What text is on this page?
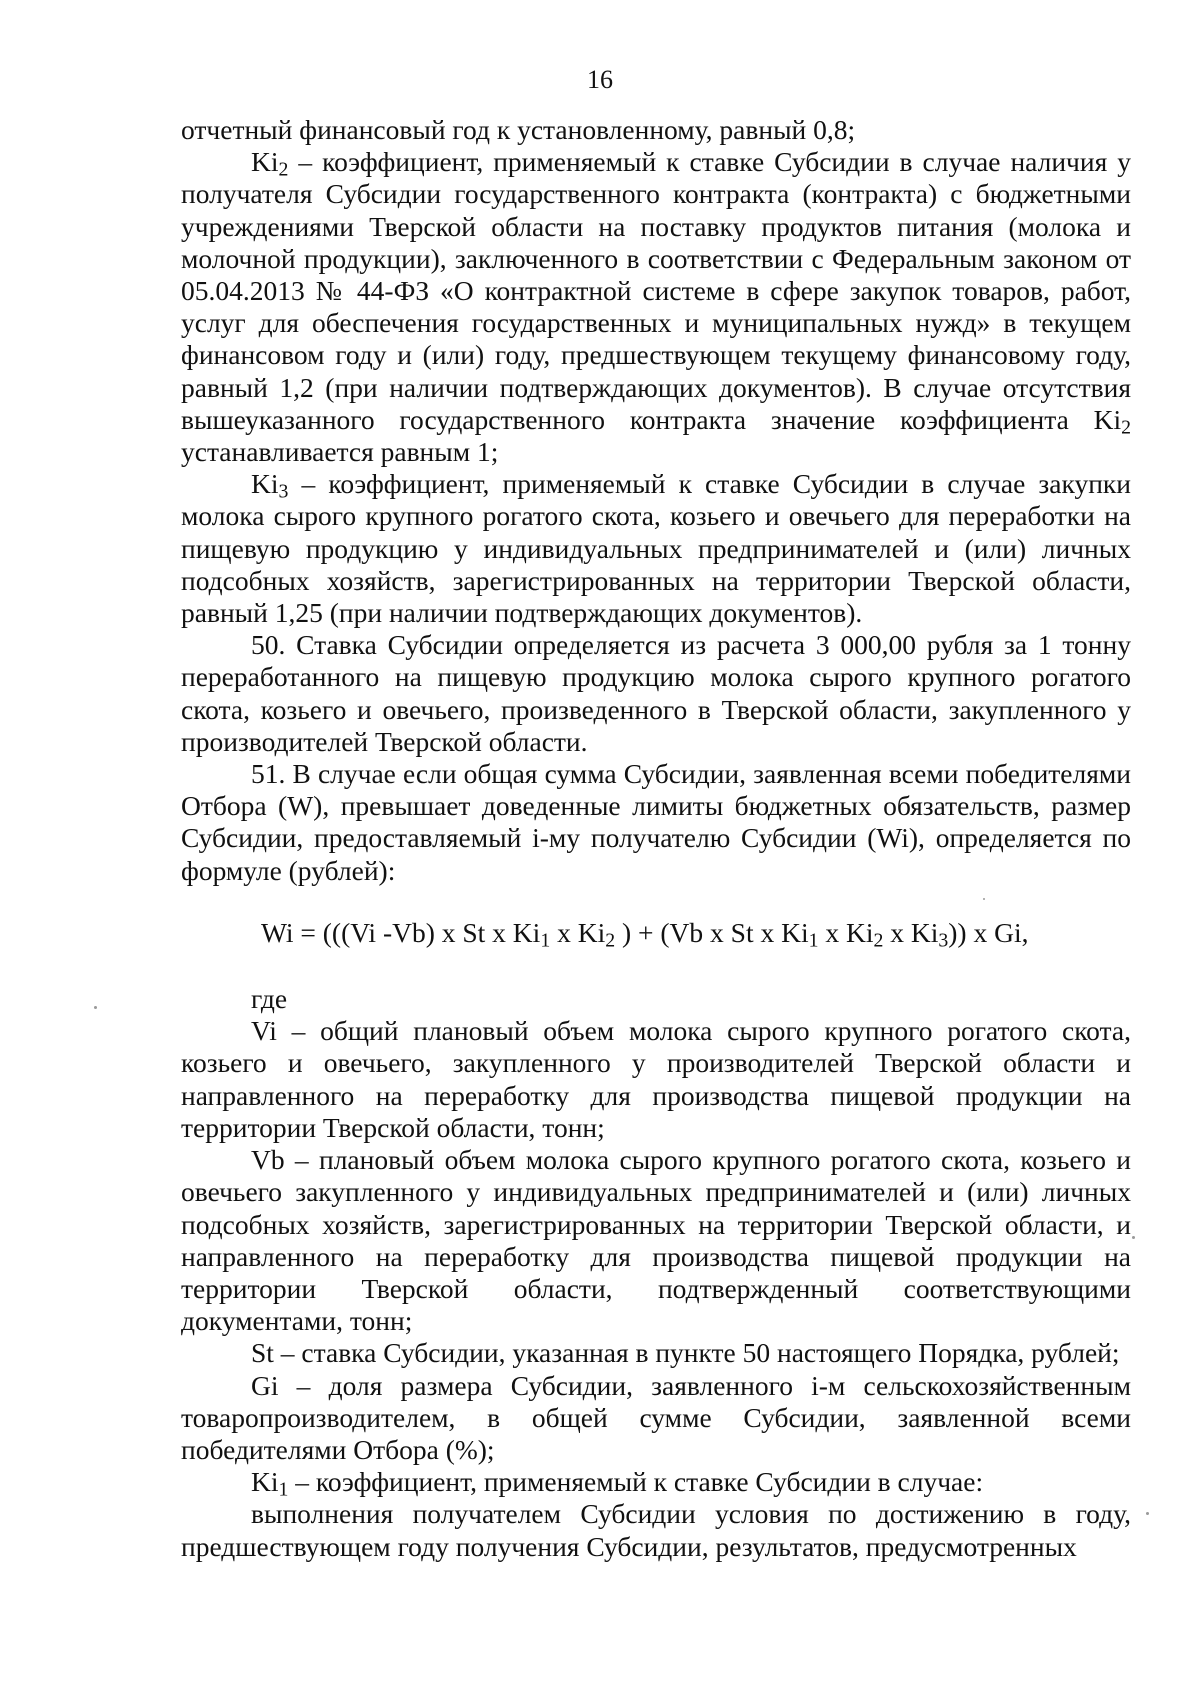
16

отчетный финансовый год к установленному, равный 0,8;

$Ki_2$ – коэффициент, применяемый к ставке Субсидии в случае наличия у получателя Субсидии государственного контракта (контракта) с бюджетными учреждениями Тверской области на поставку продуктов питания (молока и молочной продукции), заключенного в соответствии с Федеральным законом от 05.04.2013 № 44-ФЗ «О контрактной системе в сфере закупок товаров, работ, услуг для обеспечения государственных и муниципальных нужд» в текущем финансовом году и (или) году, предшествующем текущему финансовому году, равный 1,2 (при наличии подтверждающих документов). В случае отсутствия вышеуказанного государственного контракта значение коэффициента $Ki_2$ устанавливается равным 1;

$Ki_3$ – коэффициент, применяемый к ставке Субсидии в случае закупки молока сырого крупного рогатого скота, козьего и овечьего для переработки на пищевую продукцию у индивидуальных предпринимателей и (или) личных подсобных хозяйств, зарегистрированных на территории Тверской области, равный 1,25 (при наличии подтверждающих документов).

50. Ставка Субсидии определяется из расчета 3 000,00 рубля за 1 тонну переработанного на пищевую продукцию молока сырого крупного рогатого скота, козьего и овечьего, произведенного в Тверской области, закупленного у производителей Тверской области.

51. В случае если общая сумма Субсидии, заявленная всеми победителями Отбора (W), превышает доведенные лимиты бюджетных обязательств, размер Субсидии, предоставляемый i-му получателю Субсидии (Wi), определяется по формуле (рублей):

Wi = (((Vi -Vb) x St x $Ki_1$ x $Ki_2$ ) + (Vb x St x $Ki_1$ x $Ki_2$ x $Ki_3$)) x Gi,

где

Vi – общий плановый объем молока сырого крупного рогатого скота, козьего и овечьего, закупленного у производителей Тверской области и направленного на переработку для производства пищевой продукции на территории Тверской области, тонн;

Vb – плановый объем молока сырого крупного рогатого скота, козьего и овечьего закупленного у индивидуальных предпринимателей и (или) личных подсобных хозяйств, зарегистрированных на территории Тверской области, и направленного на переработку для производства пищевой продукции на территории Тверской области, подтвержденный соответствующими документами, тонн;

St – ставка Субсидии, указанная в пункте 50 настоящего Порядка, рублей;

Gi – доля размера Субсидии, заявленного i-м сельскохозяйственным товаропроизводителем, в общей сумме Субсидии, заявленной всеми победителями Отбора (%);

$Ki_1$ – коэффициент, применяемый к ставке Субсидии в случае:

выполнения получателем Субсидии условия по достижению в году, предшествующем году получения Субсидии, результатов, предусмотренных
